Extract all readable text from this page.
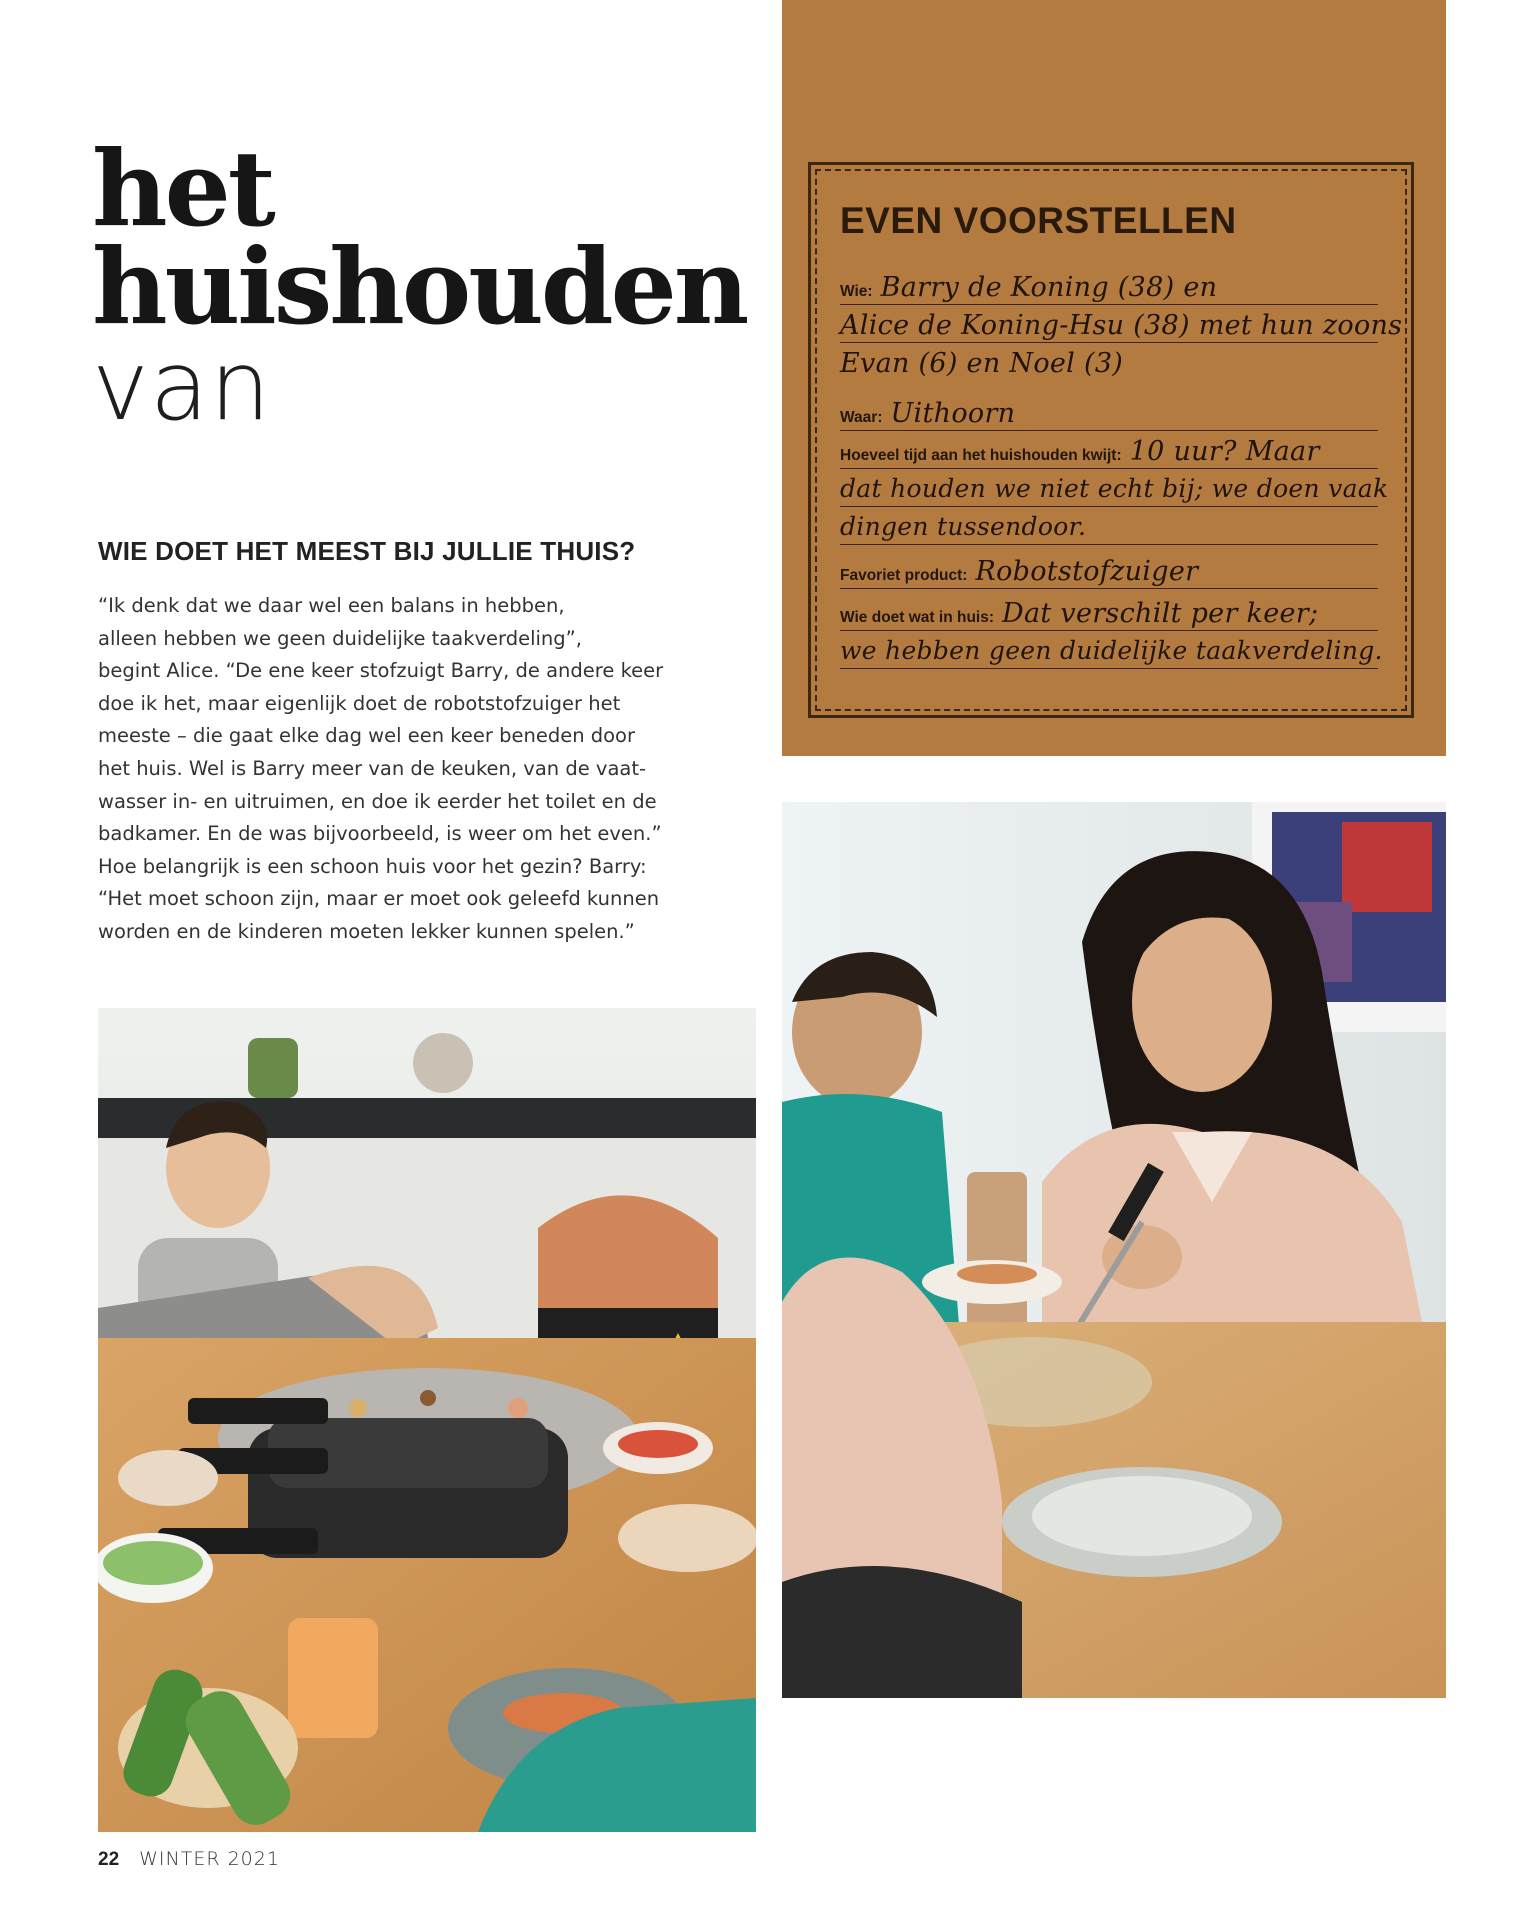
het
huishouden
van
WIE DOET HET MEEST BIJ JULLIE THUIS?
“Ik denk dat we daar wel een balans in hebben,
alleen hebben we geen duidelijke taakverdeling”,
begint Alice. “De ene keer stofzuigt Barry, de andere keer
doe ik het, maar eigenlijk doet de robotstofzuiger het
meeste – die gaat elke dag wel een keer beneden door
het huis. Wel is Barry meer van de keuken, van de vaat-
wasser in- en uitruimen, en doe ik eerder het toilet en de
badkamer. En de was bijvoorbeeld, is weer om het even.”
Hoe belangrijk is een schoon huis voor het gezin? Barry:
“Het moet schoon zijn, maar er moet ook geleefd kunnen
worden en de kinderen moeten lekker kunnen spelen.”
EVEN VOORSTELLEN
Wie: Barry de Koning (38) en
Alice de Koning-Hsu (38) met hun zoons
Evan (6) en Noel (3)
Waar: Uithoorn
Hoeveel tijd aan het huishouden kwijt: 10 uur? Maar
dat houden we niet echt bij; we doen vaak
dingen tussendoor.
Favoriet product: Robotstofzuiger
Wie doet wat in huis: Dat verschilt per keer;
we hebben geen duidelijke taakverdeling.
22 WINTER 2021
